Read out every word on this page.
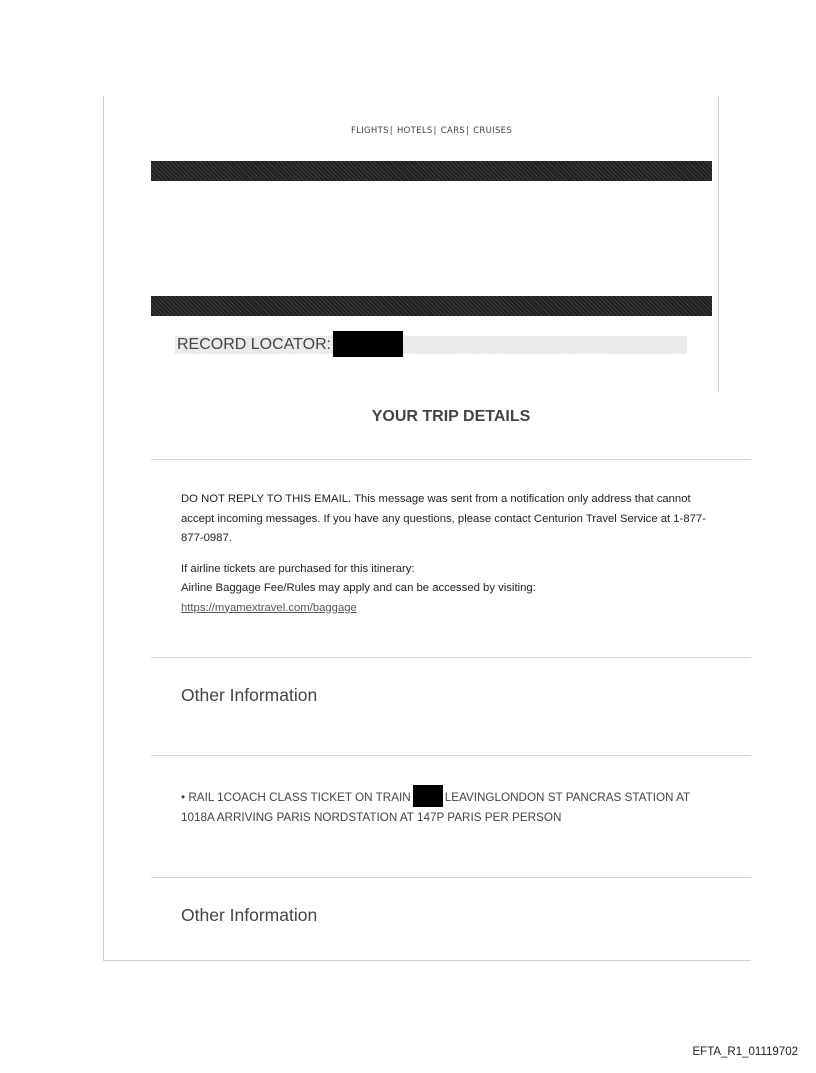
FLIGHTS| HOTELS| CARS| CRUISES
RECORD LOCATOR:
YOUR TRIP DETAILS

DO NOT REPLY TO THIS EMAIL. This message was sent from a notification only address that cannot accept incoming messages. If you have any questions, please contact Centurion Travel Service at 1-877-877-0987.

If airline tickets are purchased for this itinerary:
Airline Baggage Fee/Rules may apply and can be accessed by visiting:
https://myamextravel.com/baggage
Other Information
• RAIL 1COACH CLASS TICKET ON TRAIN	LEAVINGLONDON ST PANCRAS STATION AT 1018A ARRIVING PARIS NORDSTATION AT 147P PARIS PER PERSON
Other Information
EFTA_R1_01119702
